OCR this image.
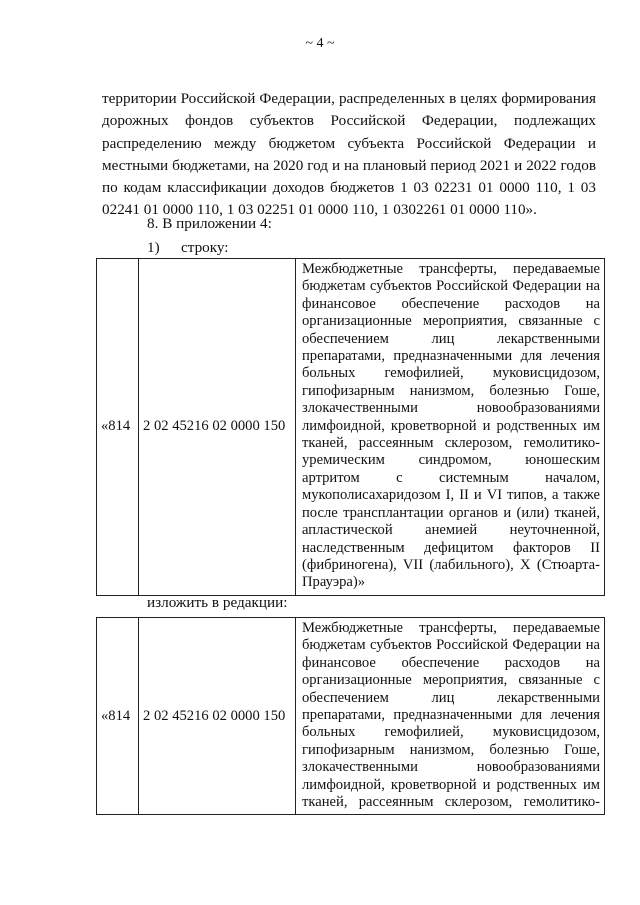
~ 4 ~

территории Российской Федерации, распределенных в целях формирования дорожных фондов субъектов Российской Федерации, подлежащих распределению между бюджетом субъекта Российской Федерации и местными бюджетами, на 2020 год и на плановый период 2021 и 2022 годов по кодам классификации доходов бюджетов 1 03 02231 01 0000 110, 1 03 02241 01 0000 110, 1 03 02251 01 0000 110, 1 0302261 01 0000 110».

8. В приложении 4:
1) строку:
«814	2 02 45216 02 0000 150	Межбюджетные трансферты, передаваемые бюджетам субъектов Российской Федерации на финансовое обеспечение расходов на организационные мероприятия, связанные с обеспечением лиц лекарственными препаратами, предназначенными для лечения больных гемофилией, муковисцидозом, гипофизарным нанизмом, болезнью Гоше, злокачественными новообразованиями лимфоидной, кроветворной и родственных им тканей, рассеянным склерозом, гемолитико-уремическим синдромом, юношеским артритом с системным началом, мукополисахаридозом I, II и VI типов, а также после трансплантации органов и (или) тканей, апластической анемией неуточненной, наследственным дефицитом факторов II (фибриногена), VII (лабильного), X (Стюарта-Прауэра)»
изложить в редакции:
«814	2 02 45216 02 0000 150	Межбюджетные трансферты, передаваемые бюджетам субъектов Российской Федерации на финансовое обеспечение расходов на организационные мероприятия, связанные с обеспечением лиц лекарственными препаратами, предназначенными для лечения больных гемофилией, муковисцидозом, гипофизарным нанизмом, болезнью Гоше, злокачественными новообразованиями лимфоидной, кроветворной и родственных им тканей, рассеянным склерозом, гемолитико-
